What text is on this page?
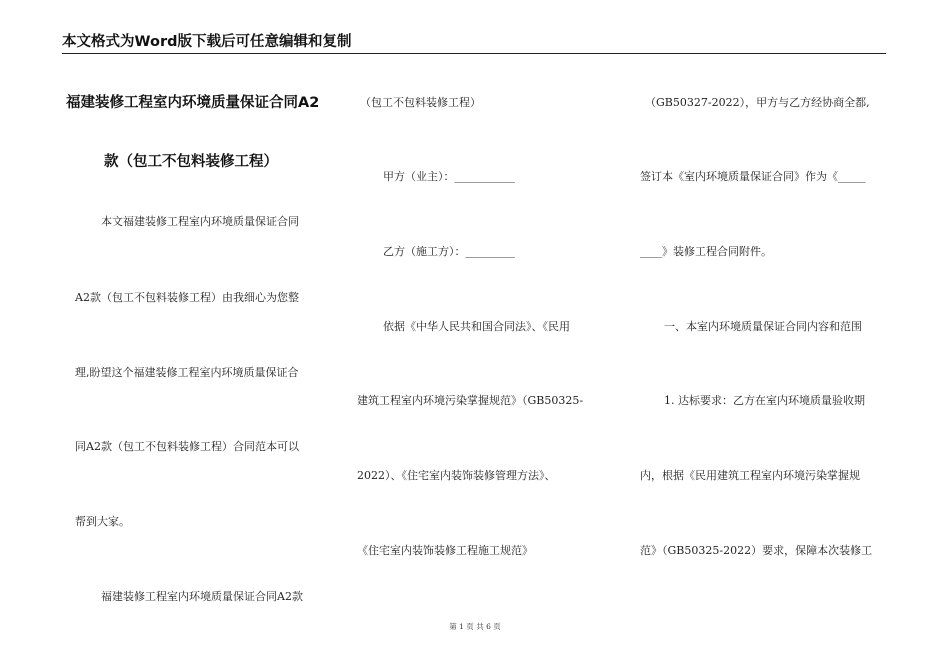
本文格式为Word版下载后可任意编辑和复制
福建装修工程室内环境质量保证合同A2
款（包工不包料装修工程）
本文福建装修工程室内环境质量保证合同
A2款（包工不包料装修工程）由我细心为您整
理,盼望这个福建装修工程室内环境质量保证合
同A2款（包工不包料装修工程）合同范本可以
帮到大家。
福建装修工程室内环境质量保证合同A2款
（包工不包料装修工程）
甲方（业主）：___________
乙方（施工方）：_________
依据《中华人民共和国合同法》、《民用
建筑工程室内环境污染掌握规范》（GB50325-
2022）、《住宅室内装饰装修管理方法》、
《住宅室内装饰装修工程施工规范》
（GB50327-2022），甲方与乙方经协商全都,
签订本《室内环境质量保证合同》作为《_____
____》装修工程合同附件。
一、本室内环境质量保证合同内容和范围
1. 达标要求：乙方在室内环境质量验收期
内，根据《民用建筑工程室内环境污染掌握规
范》（GB50325-2022）要求，保障本次装修工
第 1 页 共 6 页
